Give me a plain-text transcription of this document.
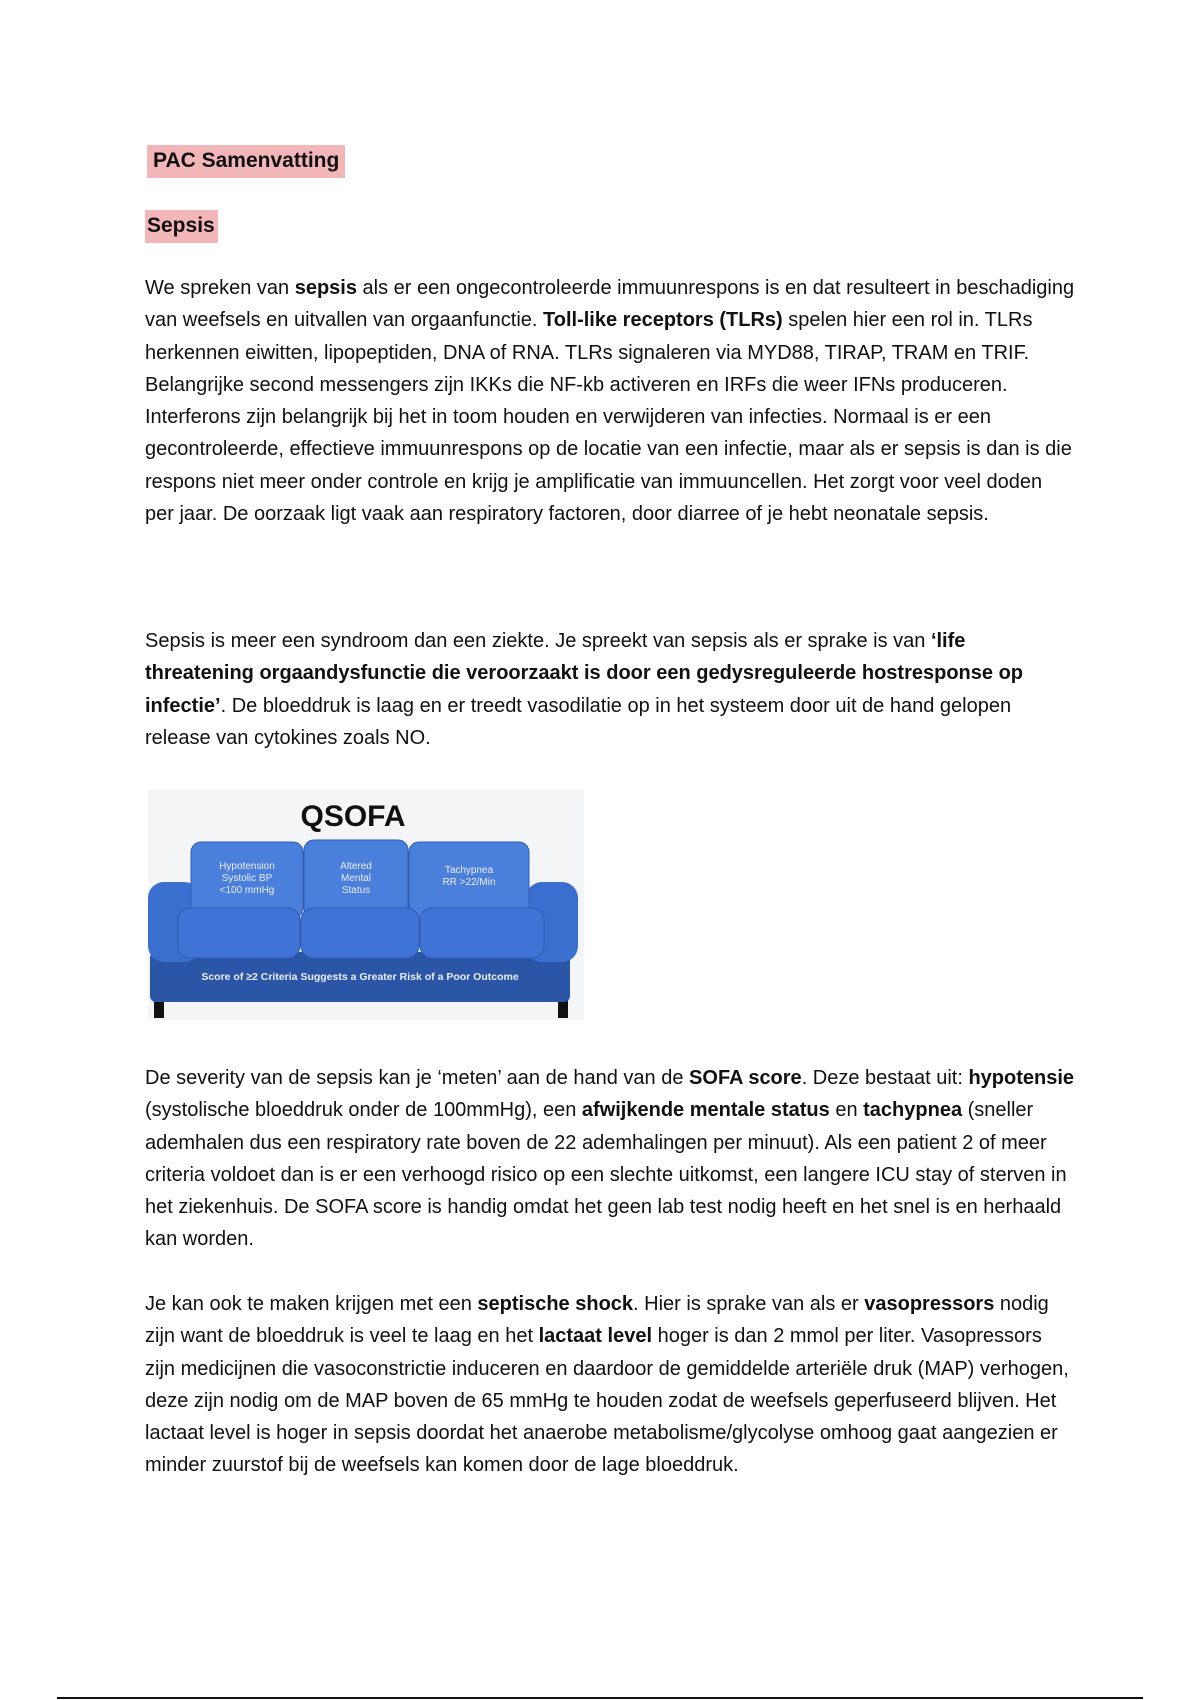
PAC Samenvatting
Sepsis

We spreken van sepsis als er een ongecontroleerde immuunrespons is en dat resulteert in beschadiging van weefsels en uitvallen van orgaanfunctie. Toll-like receptors (TLRs) spelen hier een rol in. TLRs herkennen eiwitten, lipopeptiden, DNA of RNA. TLRs signaleren via MYD88, TIRAP, TRAM en TRIF. Belangrijke second messengers zijn IKKs die NF-kb activeren en IRFs die weer IFNs produceren. Interferons zijn belangrijk bij het in toom houden en verwijderen van infecties. Normaal is er een gecontroleerde, effectieve immuunrespons op de locatie van een infectie, maar als er sepsis is dan is die respons niet meer onder controle en krijg je amplificatie van immuuncellen. Het zorgt voor veel doden per jaar. De oorzaak ligt vaak aan respiratory factoren, door diarree of je hebt neonatale sepsis.

Sepsis is meer een syndroom dan een ziekte. Je spreekt van sepsis als er sprake is van ‘life threatening orgaandysfunctie die veroorzaakt is door een gedysreguleerde hostresponse op infectie’. De bloeddruk is laag en er treedt vasodilatie op in het systeem door uit de hand gelopen release van cytokines zoals NO.

QSOFA
Hypotension
Systolic BP
<100 mmHg
Altered
Mental
Status
Tachypnea
RR >22/Min
Score of ≥2 Criteria Suggests a Greater Risk of a Poor Outcome

De severity van de sepsis kan je ‘meten’ aan de hand van de SOFA score. Deze bestaat uit: hypotensie (systolische bloeddruk onder de 100mmHg), een afwijkende mentale status en tachypnea (sneller ademhalen dus een respiratory rate boven de 22 ademhalingen per minuut). Als een patient 2 of meer criteria voldoet dan is er een verhoogd risico op een slechte uitkomst, een langere ICU stay of sterven in het ziekenhuis. De SOFA score is handig omdat het geen lab test nodig heeft en het snel is en herhaald kan worden.

Je kan ook te maken krijgen met een septische shock. Hier is sprake van als er vasopressors nodig zijn want de bloeddruk is veel te laag en het lactaat level hoger is dan 2 mmol per liter. Vasopressors zijn medicijnen die vasoconstrictie induceren en daardoor de gemiddelde arteriële druk (MAP) verhogen, deze zijn nodig om de MAP boven de 65 mmHg te houden zodat de weefsels geperfuseerd blijven. Het lactaat level is hoger in sepsis doordat het anaerobe metabolisme/glycolyse omhoog gaat aangezien er minder zuurstof bij de weefsels kan komen door de lage bloeddruk.
